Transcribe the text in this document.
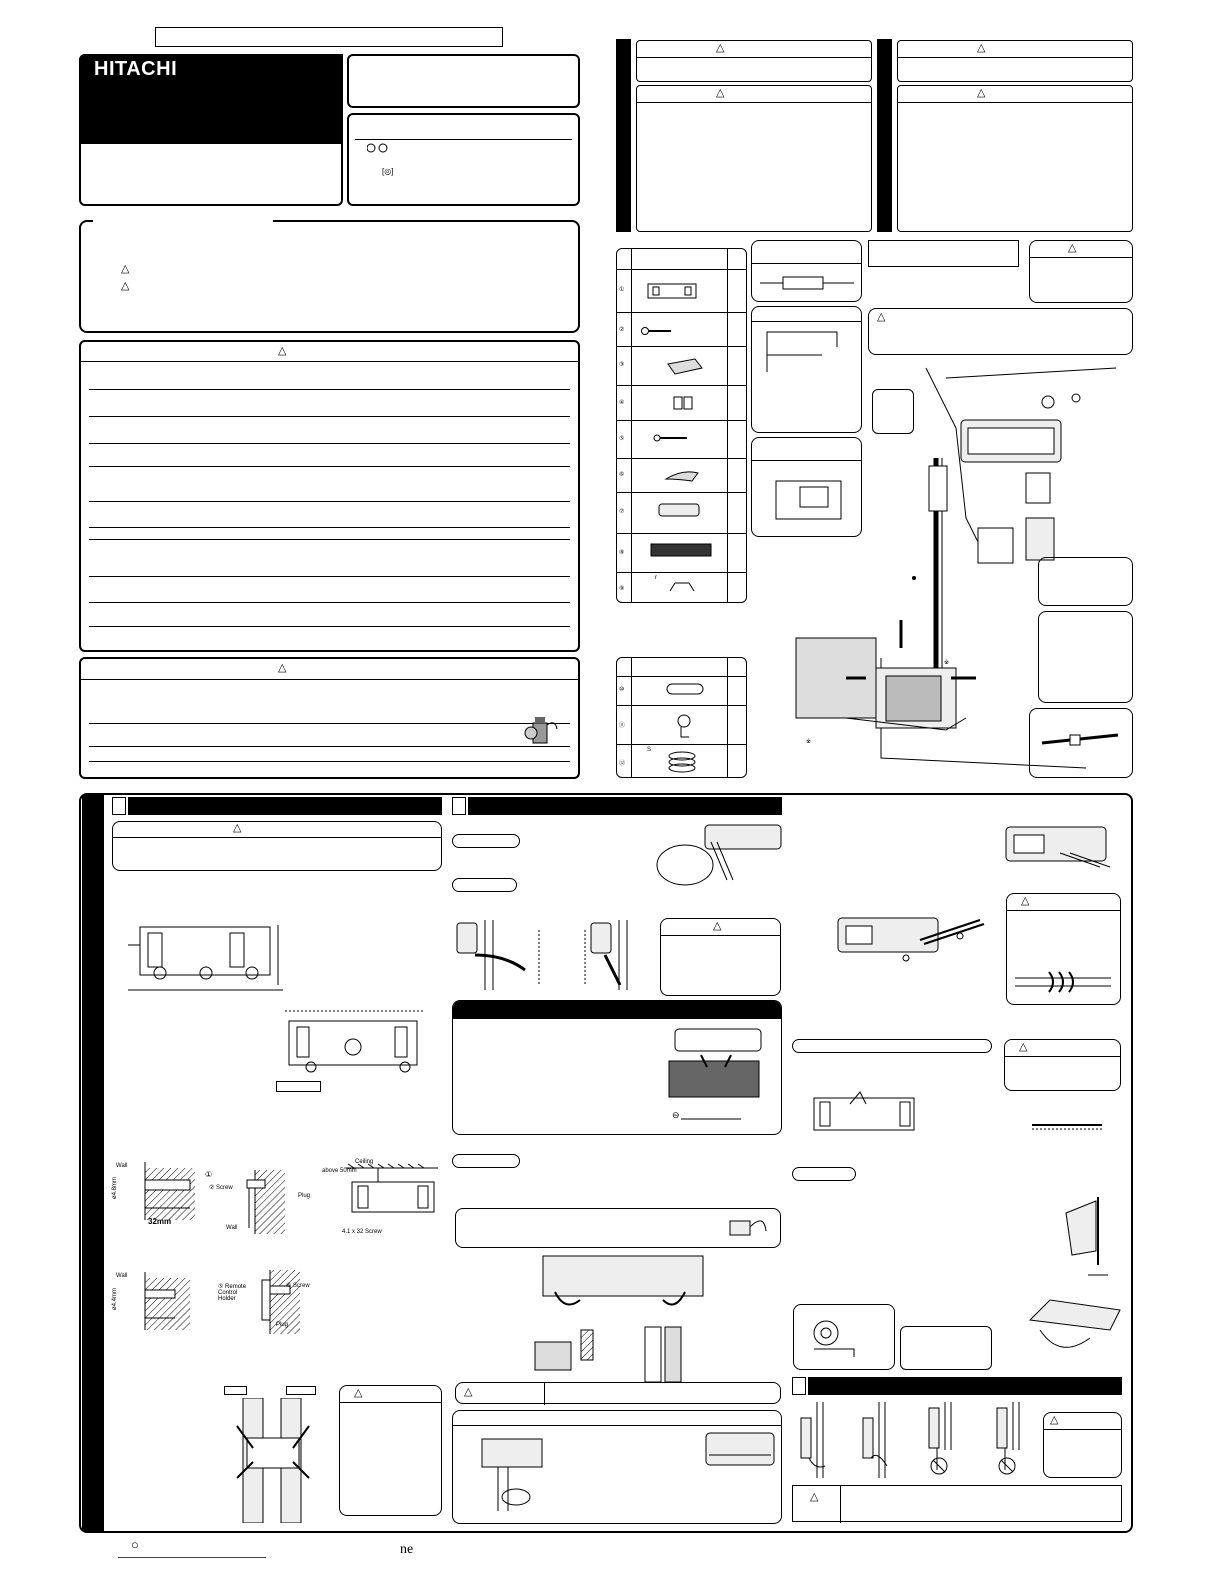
HITACHI
[◎]
△
△
△
△
△
△
△
△
①
②
③
④
⑤
⑥
⑦
⑧
⑨
r
⑩
⑪
⑫
S
△
△
※
※
△
Wall
ø4.8mm
32mm
①
② Screw
Plug
Wall
Ceiling
above 50mm
4.1 x 32 Screw
Wall
ø4.4mm
⑤ Remote Control Holder
⑥ Screw
Plug
△
△
⊖
△
△
△
△
△
○	ne
